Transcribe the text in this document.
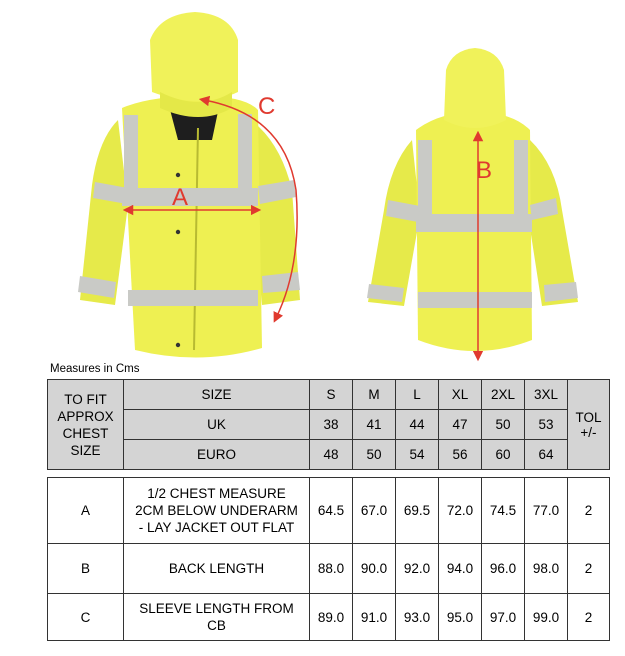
A
C
B
Measures in Cms
TO FIT
APPROX
CHEST
SIZE	SIZE	S	M	L	XL	2XL	3XL	TOL
+/-
	UK	38	41	44	47	50	53	
	EURO	48	50	54	56	60	64	

A	1/2 CHEST MEASURE
2CM BELOW UNDERARM
- LAY JACKET OUT FLAT	64.5	67.0	69.5	72.0	74.5	77.0	2
B	BACK LENGTH	88.0	90.0	92.0	94.0	96.0	98.0	2
C	SLEEVE LENGTH FROM
CB	89.0	91.0	93.0	95.0	97.0	99.0	2
